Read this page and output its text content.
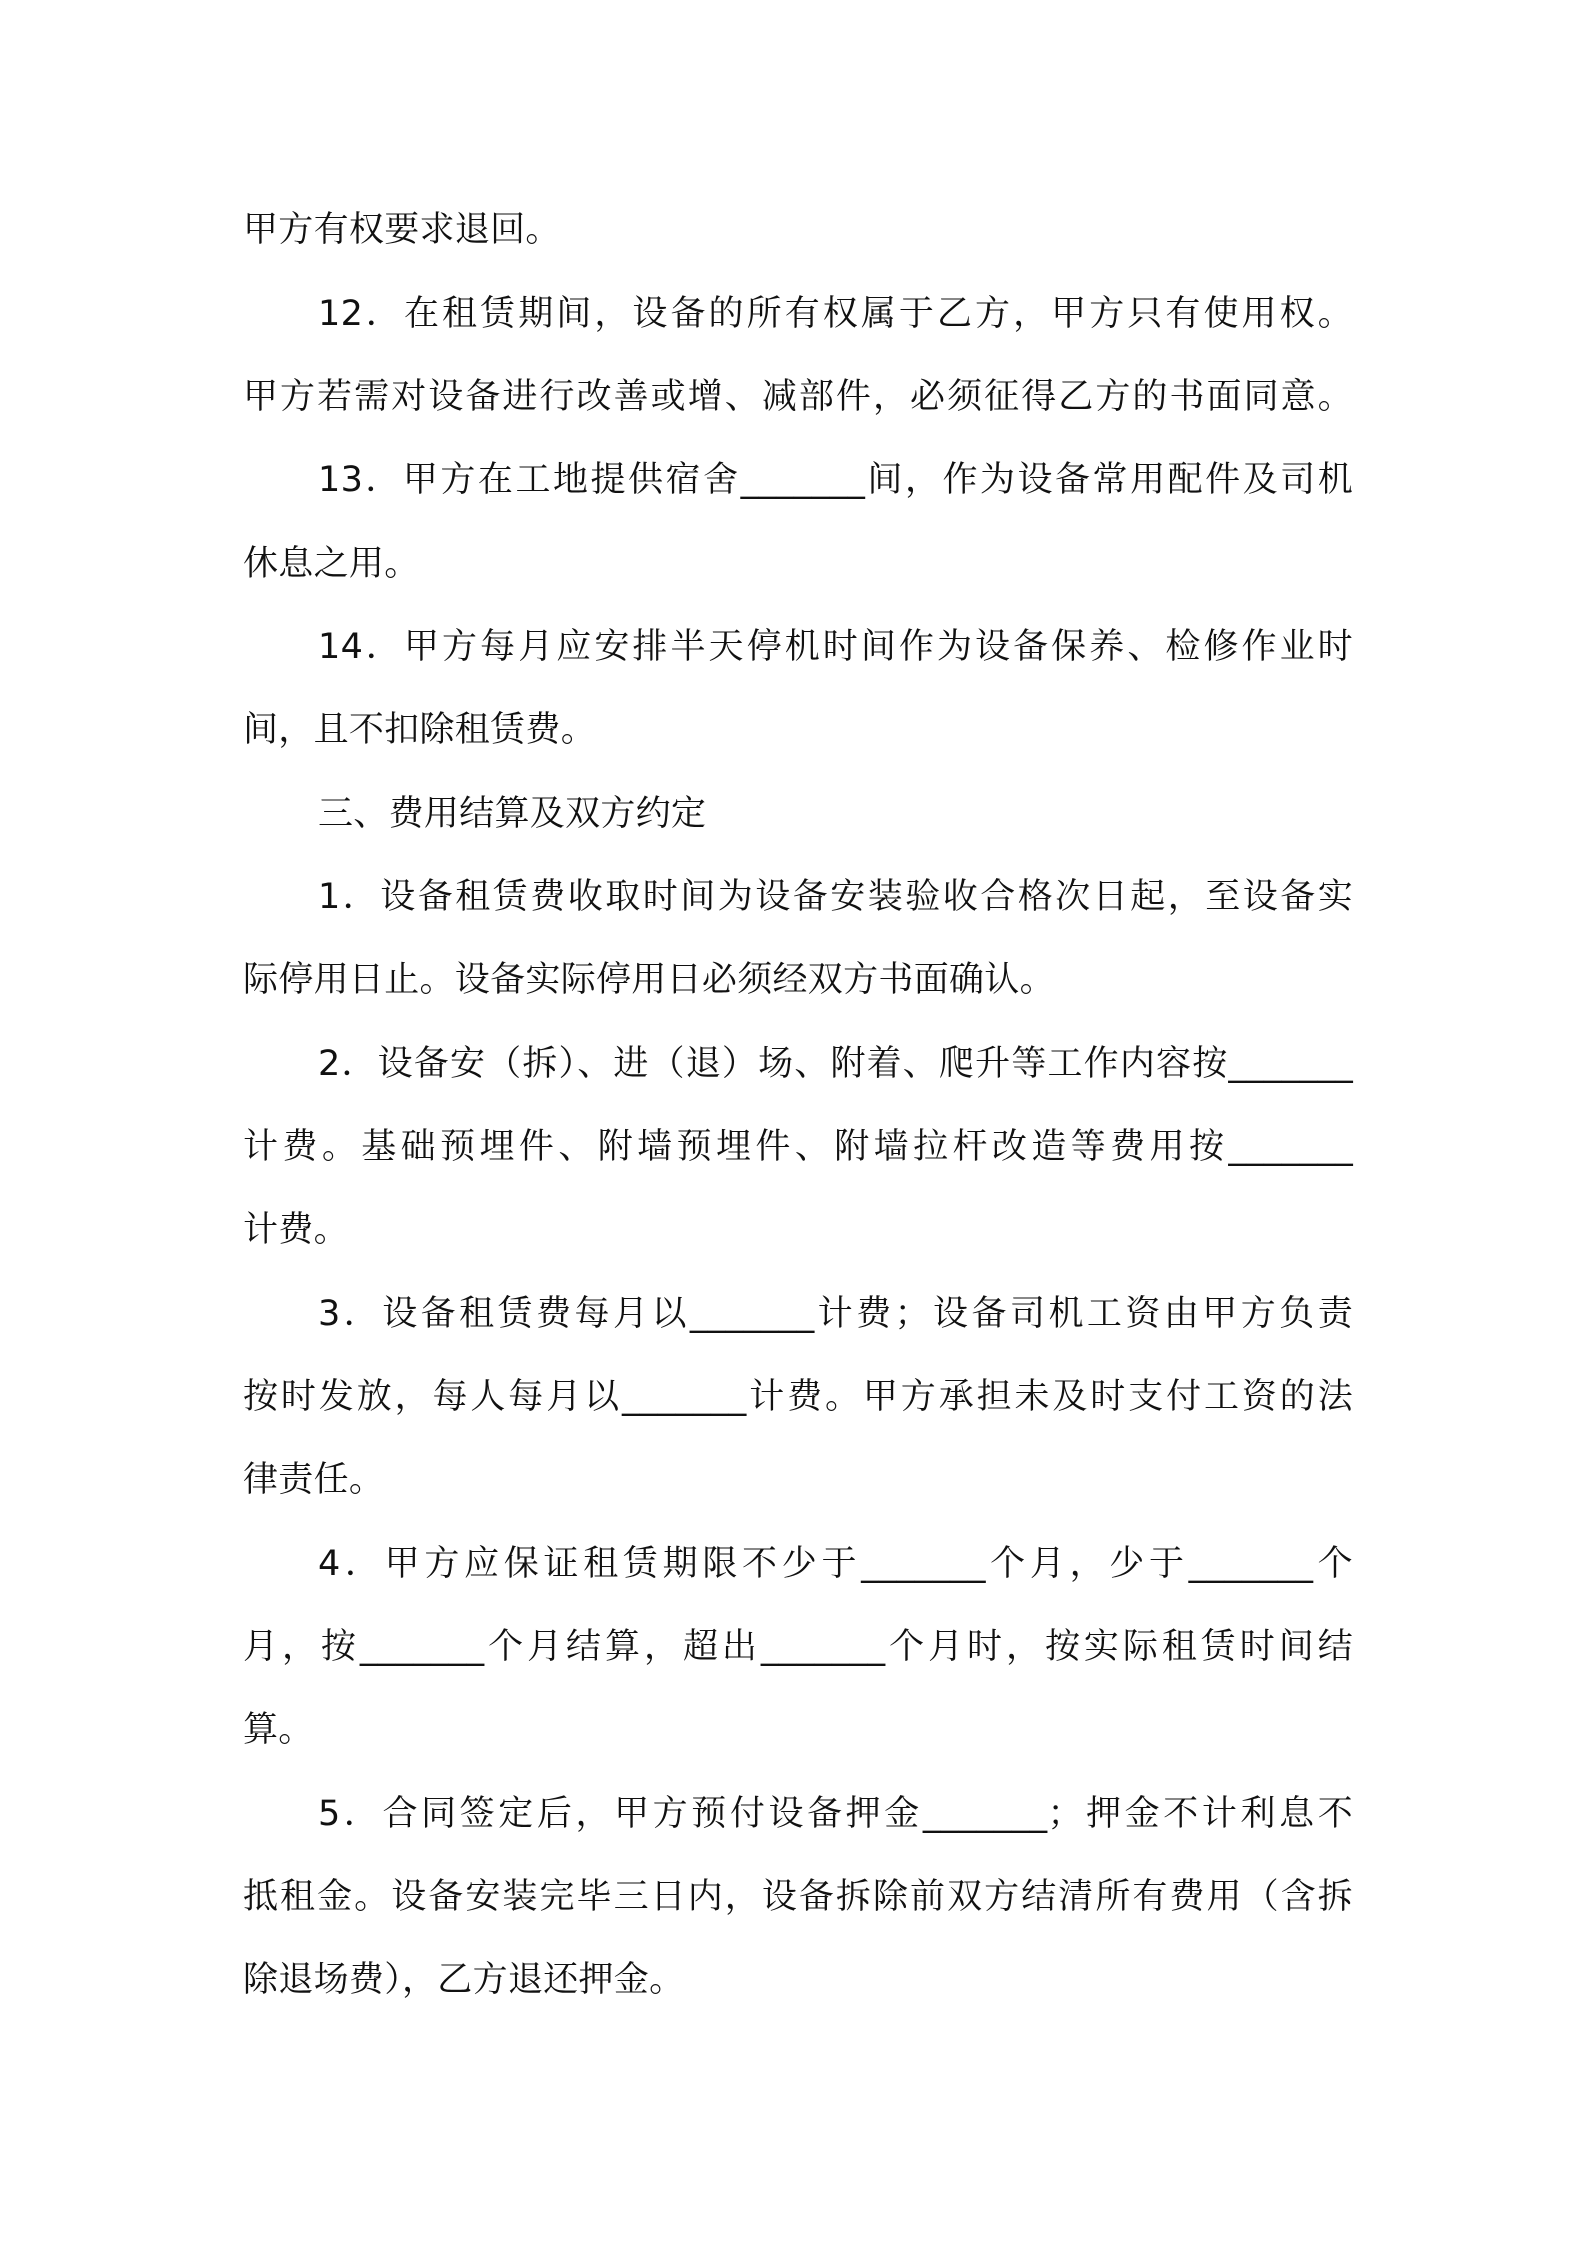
甲方有权要求退回。
12．在租赁期间，设备的所有权属于乙方，甲方只有使用权。
甲方若需对设备进行改善或增、减部件，必须征得乙方的书面同意。
13．甲方在工地提供宿舍_______间，作为设备常用配件及司机
休息之用。
14．甲方每月应安排半天停机时间作为设备保养、检修作业时
间，且不扣除租赁费。
三、费用结算及双方约定
1．设备租赁费收取时间为设备安装验收合格次日起，至设备实
际停用日止。设备实际停用日必须经双方书面确认。
2．设备安（拆）、进（退）场、附着、爬升等工作内容按_______
计费。基础预埋件、附墙预埋件、附墙拉杆改造等费用按_______
计费。
3．设备租赁费每月以_______计费；设备司机工资由甲方负责
按时发放，每人每月以_______计费。甲方承担未及时支付工资的法
律责任。
4．甲方应保证租赁期限不少于_______个月，少于_______个
月，按_______个月结算，超出_______个月时，按实际租赁时间结
算。
5．合同签定后，甲方预付设备押金_______；押金不计利息不
抵租金。设备安装完毕三日内，设备拆除前双方结清所有费用（含拆
除退场费），乙方退还押金。
